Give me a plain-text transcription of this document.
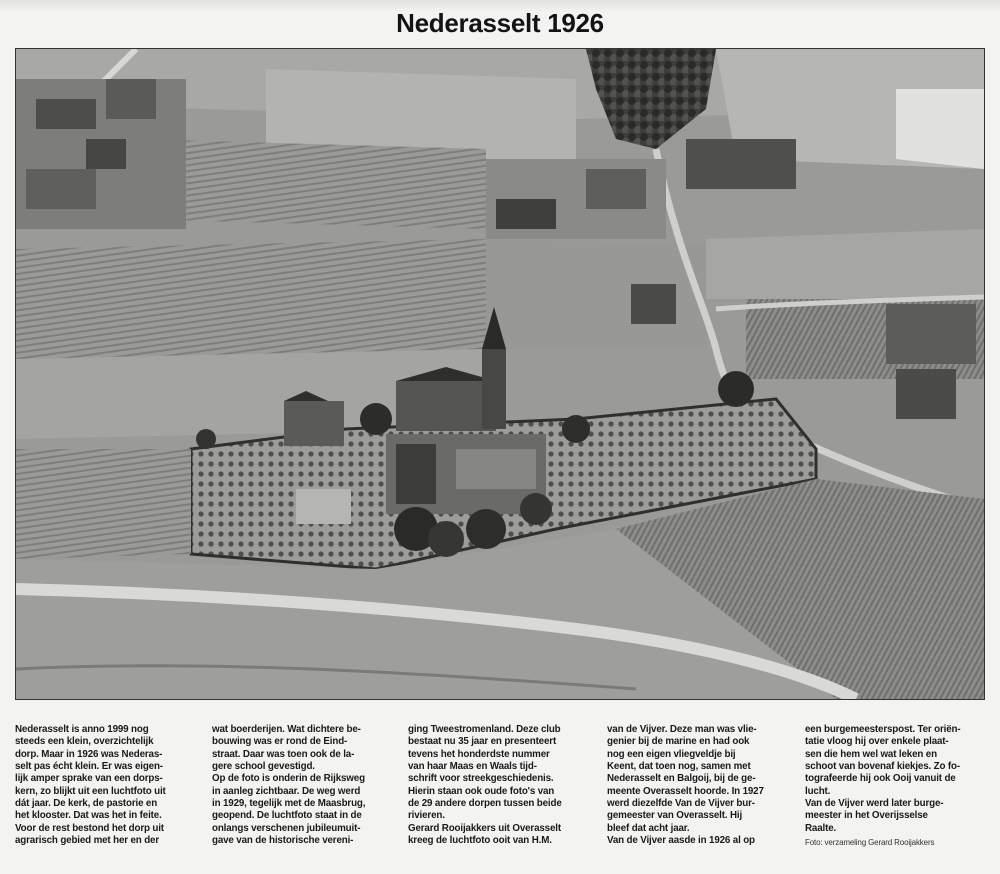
Nederasselt 1926
Nederasselt is anno 1999 nog
steeds een klein, overzichtelijk
dorp. Maar in 1926 was Nederas-
selt pas écht klein. Er was eigen-
lijk amper sprake van een dorps-
kern, zo blijkt uit een luchtfoto uit
dát jaar. De kerk, de pastorie en
het klooster. Dat was het in feite.
Voor de rest bestond het dorp uit
agrarisch gebied met her en der
wat boerderijen. Wat dichtere be-
bouwing was er rond de Eind-
straat. Daar was toen ook de la-
gere school gevestigd.
Op de foto is onderin de Rijksweg
in aanleg zichtbaar. De weg werd
in 1929, tegelijk met de Maasbrug,
geopend. De luchtfoto staat in de
onlangs verschenen jubileumuit-
gave van de historische vereni-
ging Tweestromenland. Deze club
bestaat nu 35 jaar en presenteert
tevens het honderdste nummer
van haar Maas en Waals tijd-
schrift voor streekgeschiedenis.
Hierin staan ook oude foto's van
de 29 andere dorpen tussen beide
rivieren.
Gerard Rooijakkers uit Overasselt
kreeg de luchtfoto ooit van H.M.
van de Vijver. Deze man was vlie-
genier bij de marine en had ook
nog een eigen vliegveldje bij
Keent, dat toen nog, samen met
Nederasselt en Balgoij, bij de ge-
meente Overasselt hoorde. In 1927
werd diezelfde Van de Vijver bur-
gemeester van Overasselt. Hij
bleef dat acht jaar.
Van de Vijver aasde in 1926 al op
een burgemeesterspost. Ter oriën-
tatie vloog hij over enkele plaat-
sen die hem wel wat leken en
schoot van bovenaf kiekjes. Zo fo-
tografeerde hij ook Ooij vanuit de
lucht.
Van de Vijver werd later burge-
meester in het Overijsselse
Raalte.
Foto: verzameling Gerard Rooijakkers
